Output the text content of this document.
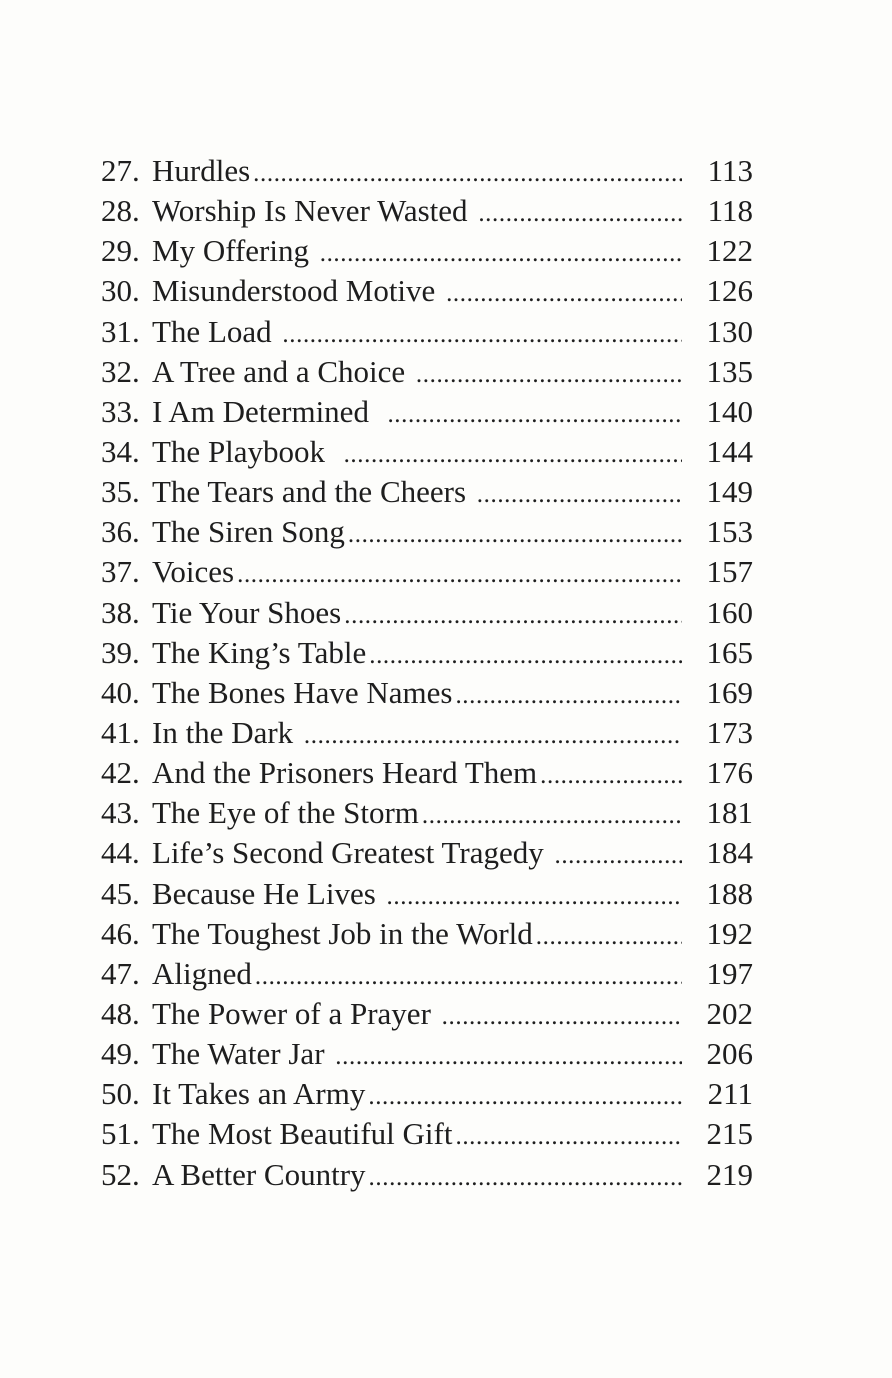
27. Hurdles .....	113
28. Worship Is Never Wasted .....	118
29. My Offering .....	122
30. Misunderstood Motive .....	126
31. The Load .....	130
32. A Tree and a Choice .....	135
33. I Am Determined .....	140
34. The Playbook .....	144
35. The Tears and the Cheers .....	149
36. The Siren Song .....	153
37. Voices .....	157
38. Tie Your Shoes .....	160
39. The King’s Table .....	165
40. The Bones Have Names .....	169
41. In the Dark .....	173
42. And the Prisoners Heard Them .....	176
43. The Eye of the Storm .....	181
44. Life’s Second Greatest Tragedy .....	184
45. Because He Lives .....	188
46. The Toughest Job in the World .....	192
47. Aligned .....	197
48. The Power of a Prayer .....	202
49. The Water Jar .....	206
50. It Takes an Army .....	211
51. The Most Beautiful Gift .....	215
52. A Better Country .....	219
